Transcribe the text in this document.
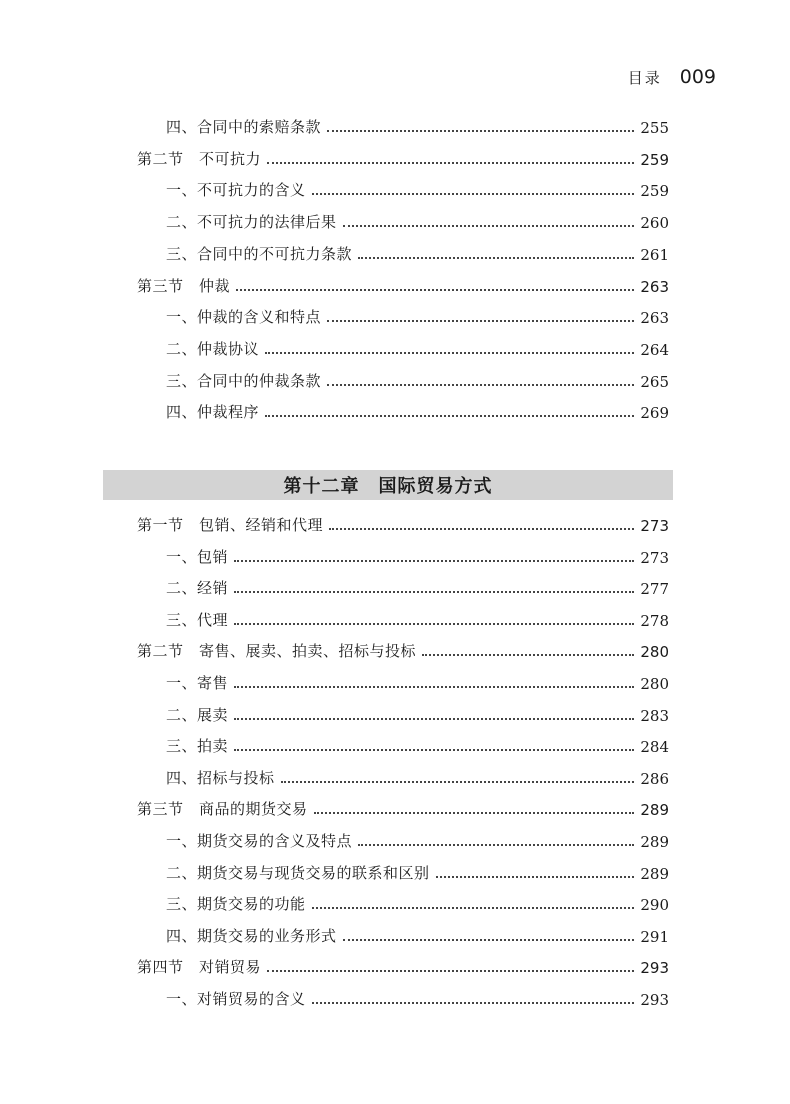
目录 009
四、合同中的索赔条款	255
第二节　不可抗力	259
一、不可抗力的含义	259
二、不可抗力的法律后果	260
三、合同中的不可抗力条款	261
第三节　仲裁	263
一、仲裁的含义和特点	263
二、仲裁协议	264
三、合同中的仲裁条款	265
四、仲裁程序	269
第一节　包销、经销和代理	273
一、包销	273
二、经销	277
三、代理	278
第二节　寄售、展卖、拍卖、招标与投标	280
一、寄售	280
二、展卖	283
三、拍卖	284
四、招标与投标	286
第三节　商品的期货交易	289
一、期货交易的含义及特点	289
二、期货交易与现货交易的联系和区别	289
三、期货交易的功能	290
四、期货交易的业务形式	291
第四节　对销贸易	293
一、对销贸易的含义	293
第十二章　国际贸易方式
